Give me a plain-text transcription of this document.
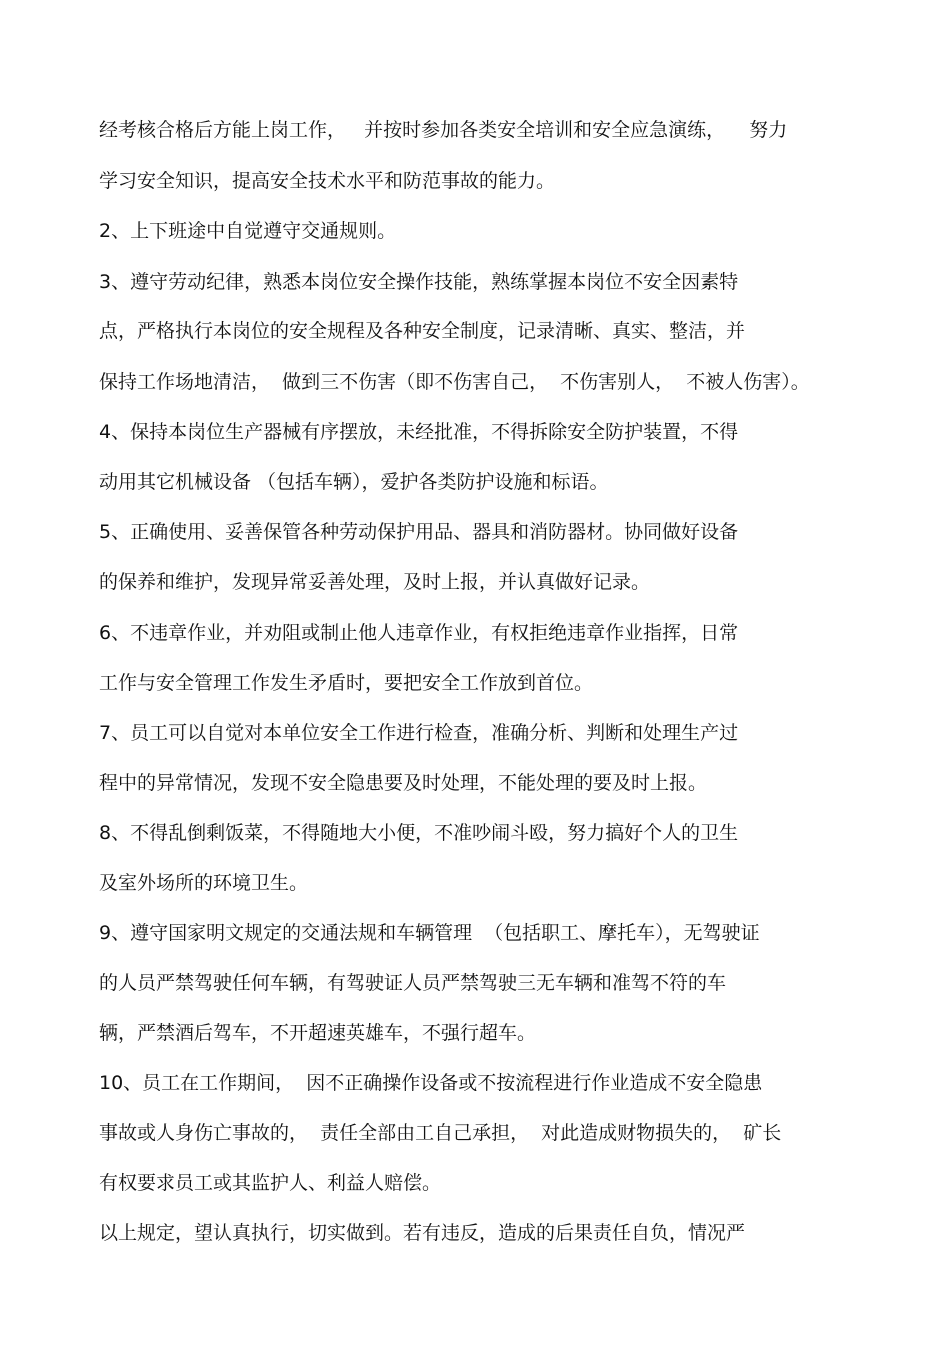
经考核合格后方能上岗工作，   并按时参加各类安全培训和安全应急演练，    努力
学习安全知识，提高安全技术水平和防范事故的能力。
2、上下班途中自觉遵守交通规则。
3、遵守劳动纪律，熟悉本岗位安全操作技能，熟练掌握本岗位不安全因素特
点，严格执行本岗位的安全规程及各种安全制度，记录清晰、真实、整洁，并
保持工作场地清洁，  做到三不伤害（即不伤害自己，  不伤害别人，  不被人伤害）。
4、保持本岗位生产器械有序摆放，未经批准，不得拆除安全防护装置，不得
动用其它机械设备 （包括车辆），爱护各类防护设施和标语。
5、正确使用、妥善保管各种劳动保护用品、器具和消防器材。协同做好设备
的保养和维护，发现异常妥善处理，及时上报，并认真做好记录。
6、不违章作业，并劝阻或制止他人违章作业，有权拒绝违章作业指挥，日常
工作与安全管理工作发生矛盾时，要把安全工作放到首位。
7、员工可以自觉对本单位安全工作进行检查，准确分析、判断和处理生产过
程中的异常情况，发现不安全隐患要及时处理，不能处理的要及时上报。
8、不得乱倒剩饭菜，不得随地大小便，不准吵闹斗殴，努力搞好个人的卫生
及室外场所的环境卫生。
9、遵守国家明文规定的交通法规和车辆管理  （包括职工、摩托车），无驾驶证
的人员严禁驾驶任何车辆，有驾驶证人员严禁驾驶三无车辆和准驾不符的车
辆，严禁酒后驾车，不开超速英雄车，不强行超车。
10、员工在工作期间，  因不正确操作设备或不按流程进行作业造成不安全隐患
事故或人身伤亡事故的，  责任全部由工自己承担，  对此造成财物损失的，  矿长
有权要求员工或其监护人、利益人赔偿。
以上规定，望认真执行，切实做到。若有违反，造成的后果责任自负，情况严
